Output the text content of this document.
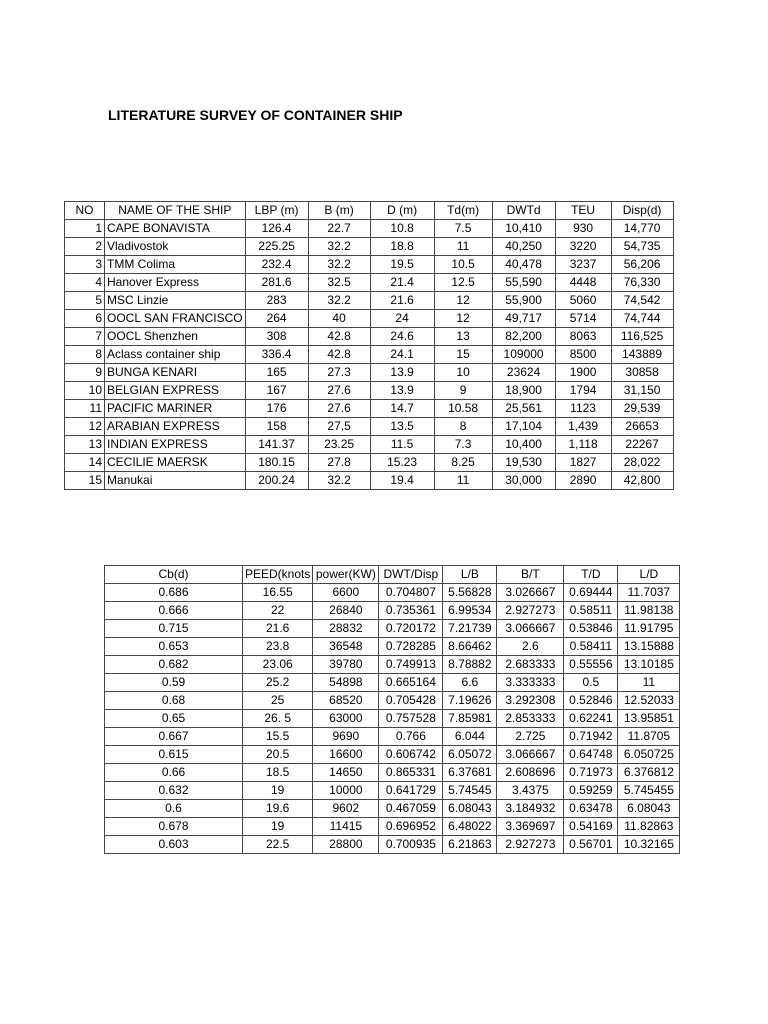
LITERATURE SURVEY OF CONTAINER SHIP
NO	NAME OF THE SHIP	LBP (m)	B (m)	D (m)	Td(m)	DWTd	TEU	Disp(d)
1	CAPE BONAVISTA	126.4	22.7	10.8	7.5	10,410	930	14,770
2	Vladivostok	225.25	32.2	18.8	11	40,250	3220	54,735
3	TMM Colima	232.4	32.2	19.5	10.5	40,478	3237	56,206
4	Hanover Express	281.6	32.5	21.4	12.5	55,590	4448	76,330
5	MSC Linzie	283	32.2	21.6	12	55,900	5060	74,542
6	OOCL SAN FRANCISCO	264	40	24	12	49,717	5714	74,744
7	OOCL Shenzhen	308	42.8	24.6	13	82,200	8063	116,525
8	Aclass container ship	336.4	42.8	24.1	15	109000	8500	143889
9	BUNGA KENARI	165	27.3	13.9	10	23624	1900	30858
10	BELGIAN EXPRESS	167	27.6	13.9	9	18,900	1794	31,150
11	PACIFIC MARINER	176	27.6	14.7	10.58	25,561	1123	29,539
12	ARABIAN EXPRESS	158	27.5	13.5	8	17,104	1,439	26653
13	INDIAN EXPRESS	141.37	23.25	11.5	7.3	10,400	1,118	22267
14	CECILIE MAERSK	180.15	27.8	15.23	8.25	19,530	1827	28,022
15	Manukai	200.24	32.2	19.4	11	30,000	2890	42,800
Cb(d)	PEED(knots	power(KW)	DWT/Disp	L/B	B/T	T/D	L/D
0.686	16.55	6600	0.704807	5.56828	3.026667	0.69444	11.7037
0.666	22	26840	0.735361	6.99534	2.927273	0.58511	11.98138
0.715	21.6	28832	0.720172	7.21739	3.066667	0.53846	11.91795
0.653	23.8	36548	0.728285	8.66462	2.6	0.58411	13.15888
0.682	23.06	39780	0.749913	8.78882	2.683333	0.55556	13.10185
0.59	25.2	54898	0.665164	6.6	3.333333	0.5	11
0.68	25	68520	0.705428	7.19626	3.292308	0.52846	12.52033
0.65	26. 5	63000	0.757528	7.85981	2.853333	0.62241	13.95851
0.667	15.5	9690	0.766	6.044	2.725	0.71942	11.8705
0.615	20.5	16600	0.606742	6.05072	3.066667	0.64748	6.050725
0.66	18.5	14650	0.865331	6.37681	2.608696	0.71973	6.376812
0.632	19	10000	0.641729	5.74545	3.4375	0.59259	5.745455
0.6	19.6	9602	0.467059	6.08043	3.184932	0.63478	6.08043
0.678	19	11415	0.696952	6.48022	3.369697	0.54169	11.82863
0.603	22.5	28800	0.700935	6.21863	2.927273	0.56701	10.32165
